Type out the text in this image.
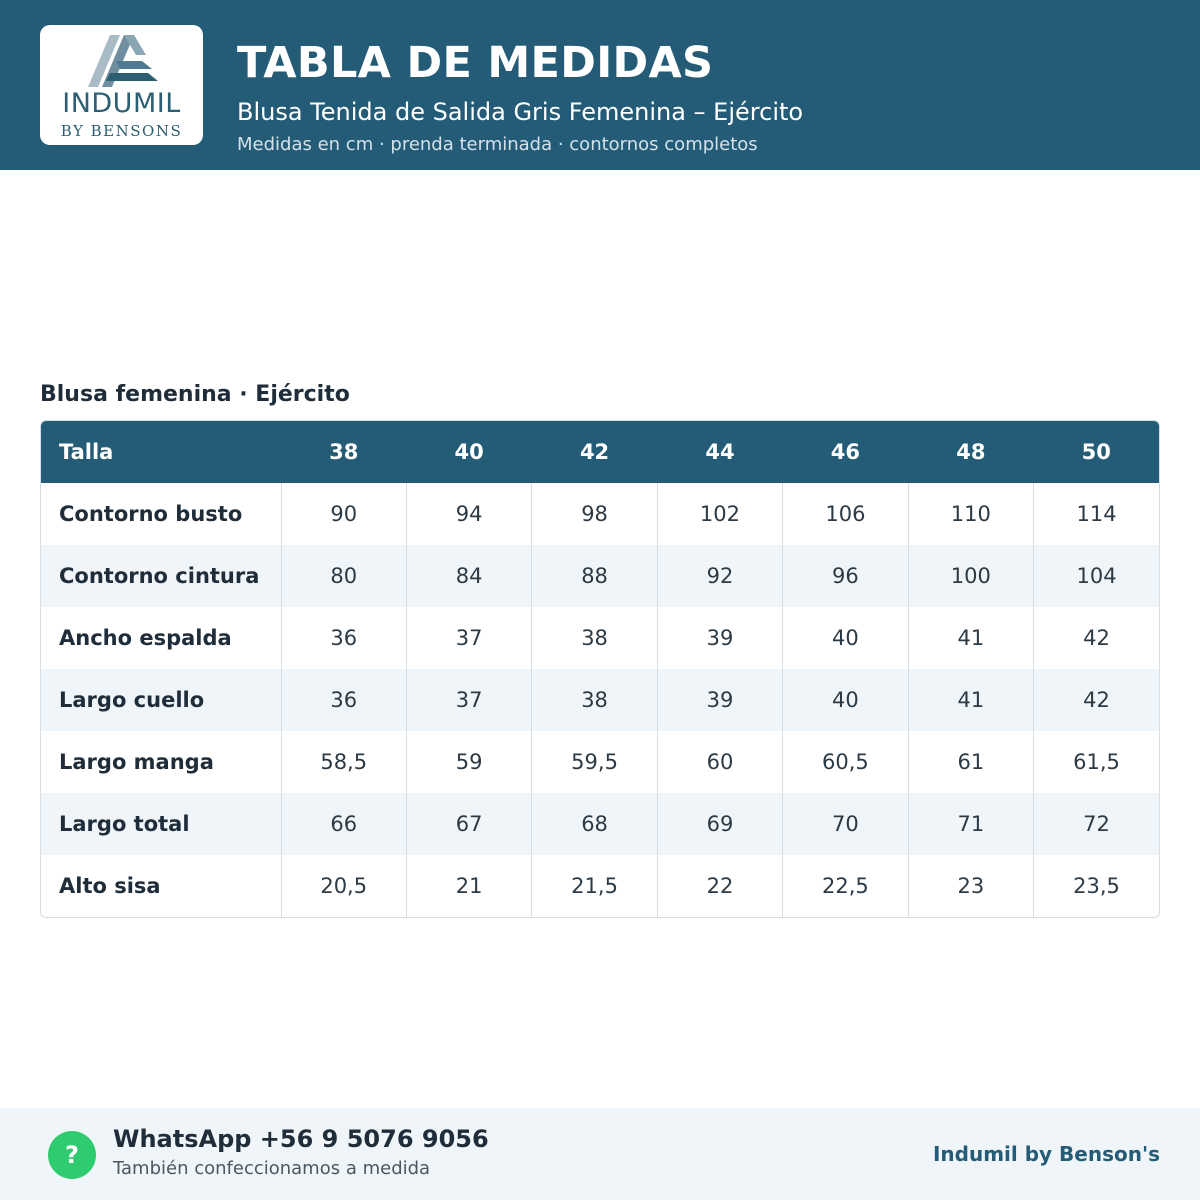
INDUMIL
BY BENSONS
TABLA DE MEDIDAS
Blusa Tenida de Salida Gris Femenina – Ejército
Medidas en cm · prenda terminada · contornos completos
Blusa femenina · Ejército
Talla	38	40	42	44	46	48	50
Contorno busto	90	94	98	102	106	110	114
Contorno cintura	80	84	88	92	96	100	104
Ancho espalda	36	37	38	39	40	41	42
Largo cuello	36	37	38	39	40	41	42
Largo manga	58,5	59	59,5	60	60,5	61	61,5
Largo total	66	67	68	69	70	71	72
Alto sisa	20,5	21	21,5	22	22,5	23	23,5
?
WhatsApp +56 9 5076 9056
También confeccionamos a medida
Indumil by Benson's
